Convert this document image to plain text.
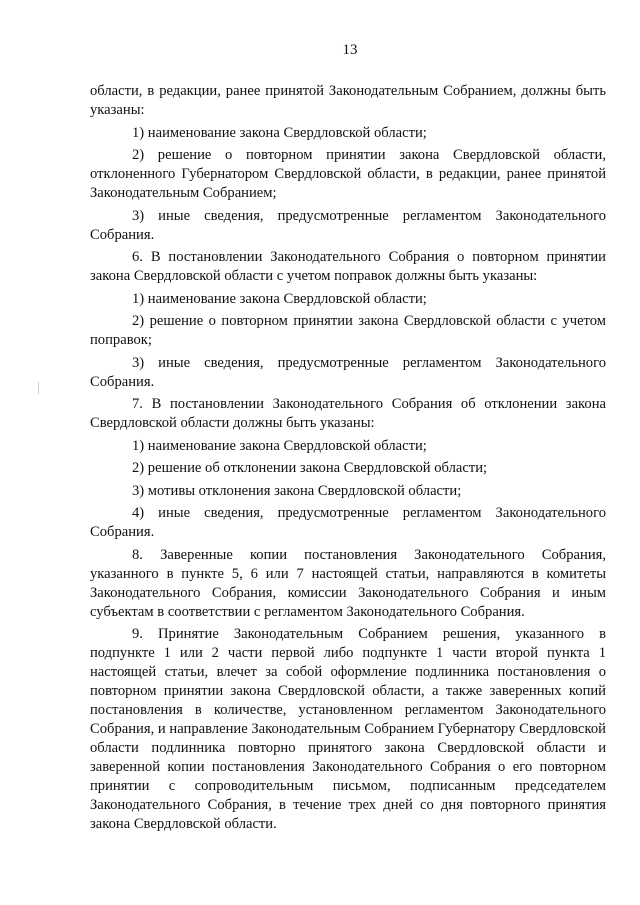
13

области, в редакции, ранее принятой Законодательным Собранием, должны быть указаны:

1) наименование закона Свердловской области;

2) решение о повторном принятии закона Свердловской области, отклоненного Губернатором Свердловской области, в редакции, ранее принятой Законодательным Собранием;

3) иные сведения, предусмотренные регламентом Законодательного Собрания.

6. В постановлении Законодательного Собрания о повторном принятии закона Свердловской области с учетом поправок должны быть указаны:

1) наименование закона Свердловской области;

2) решение о повторном принятии закона Свердловской области с учетом поправок;

3) иные сведения, предусмотренные регламентом Законодательного Собрания.

7. В постановлении Законодательного Собрания об отклонении закона Свердловской области должны быть указаны:

1) наименование закона Свердловской области;

2) решение об отклонении закона Свердловской области;

3) мотивы отклонения закона Свердловской области;

4) иные сведения, предусмотренные регламентом Законодательного Собрания.

8. Заверенные копии постановления Законодательного Собрания, указанного в пункте 5, 6 или 7 настоящей статьи, направляются в комитеты Законодательного Собрания, комиссии Законодательного Собрания и иным субъектам в соответствии с регламентом Законодательного Собрания.

9. Принятие Законодательным Собранием решения, указанного в подпункте 1 или 2 части первой либо подпункте 1 части второй пункта 1 настоящей статьи, влечет за собой оформление подлинника постановления о повторном принятии закона Свердловской области, а также заверенных копий постановления в количестве, установленном регламентом Законодательного Собрания, и направление Законодательным Собранием Губернатору Свердловской области подлинника повторно принятого закона Свердловской области и заверенной копии постановления Законодательного Собрания о его повторном принятии с сопроводительным письмом, подписанным председателем Законодательного Собрания, в течение трех дней со дня повторного принятия закона Свердловской области.
